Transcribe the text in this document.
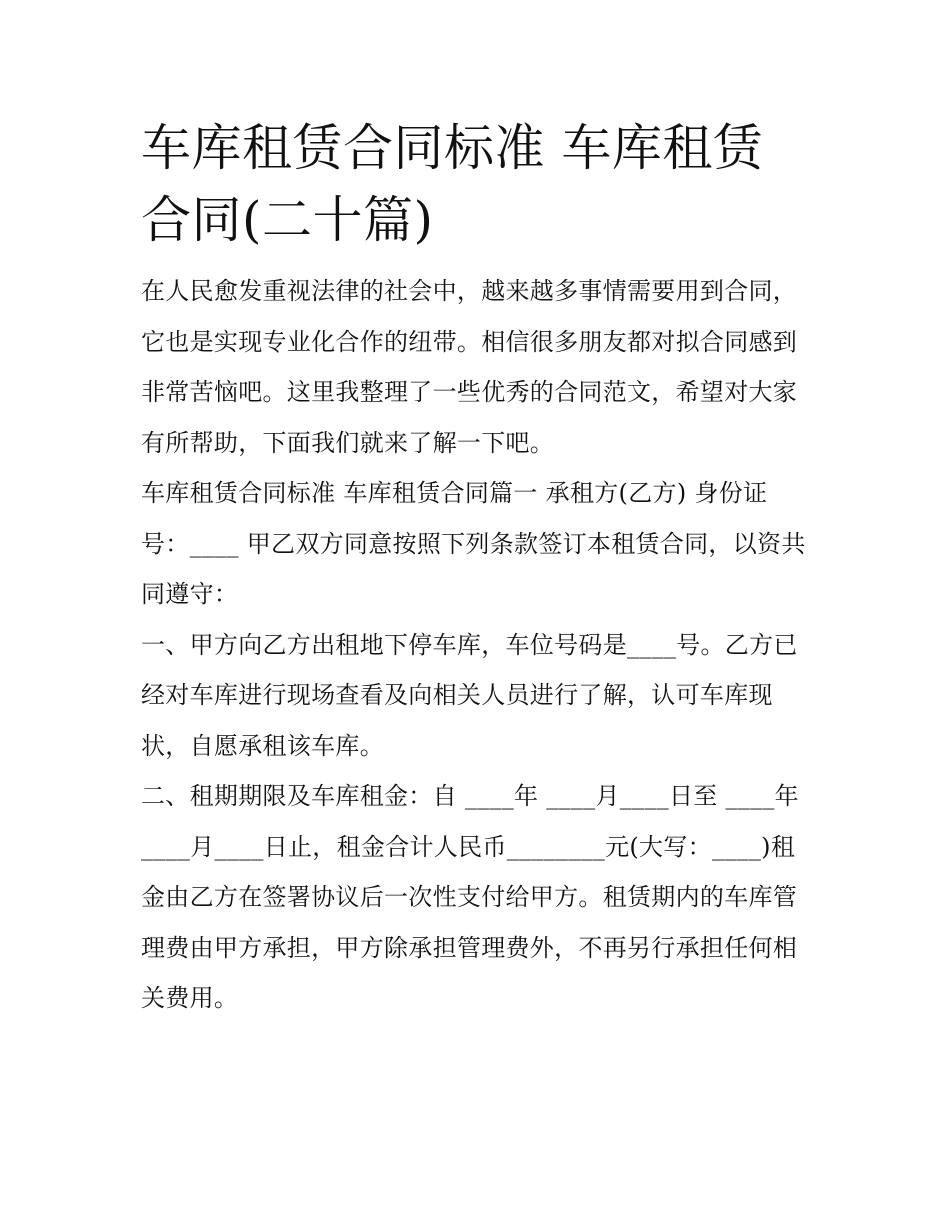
车库租赁合同标准 车库租赁合同(二十篇)

在人民愈发重视法律的社会中，越来越多事情需要用到合同，它也是实现专业化合作的纽带。相信很多朋友都对拟合同感到非常苦恼吧。这里我整理了一些优秀的合同范文，希望对大家有所帮助，下面我们就来了解一下吧。

车库租赁合同标准 车库租赁合同篇一 承租方(乙方) 身份证号：____ 甲乙双方同意按照下列条款签订本租赁合同，以资共同遵守：

一、甲方向乙方出租地下停车库，车位号码是____号。乙方已经对车库进行现场查看及向相关人员进行了解，认可车库现状，自愿承租该车库。

二、租期期限及车库租金：自 ____年 ____月____日至 ____年

____月____日止，租金合计人民币________元(大写：____)租金由乙方在签署协议后一次性支付给甲方。租赁期内的车库管理费由甲方承担，甲方除承担管理费外，不再另行承担任何相关费用。
